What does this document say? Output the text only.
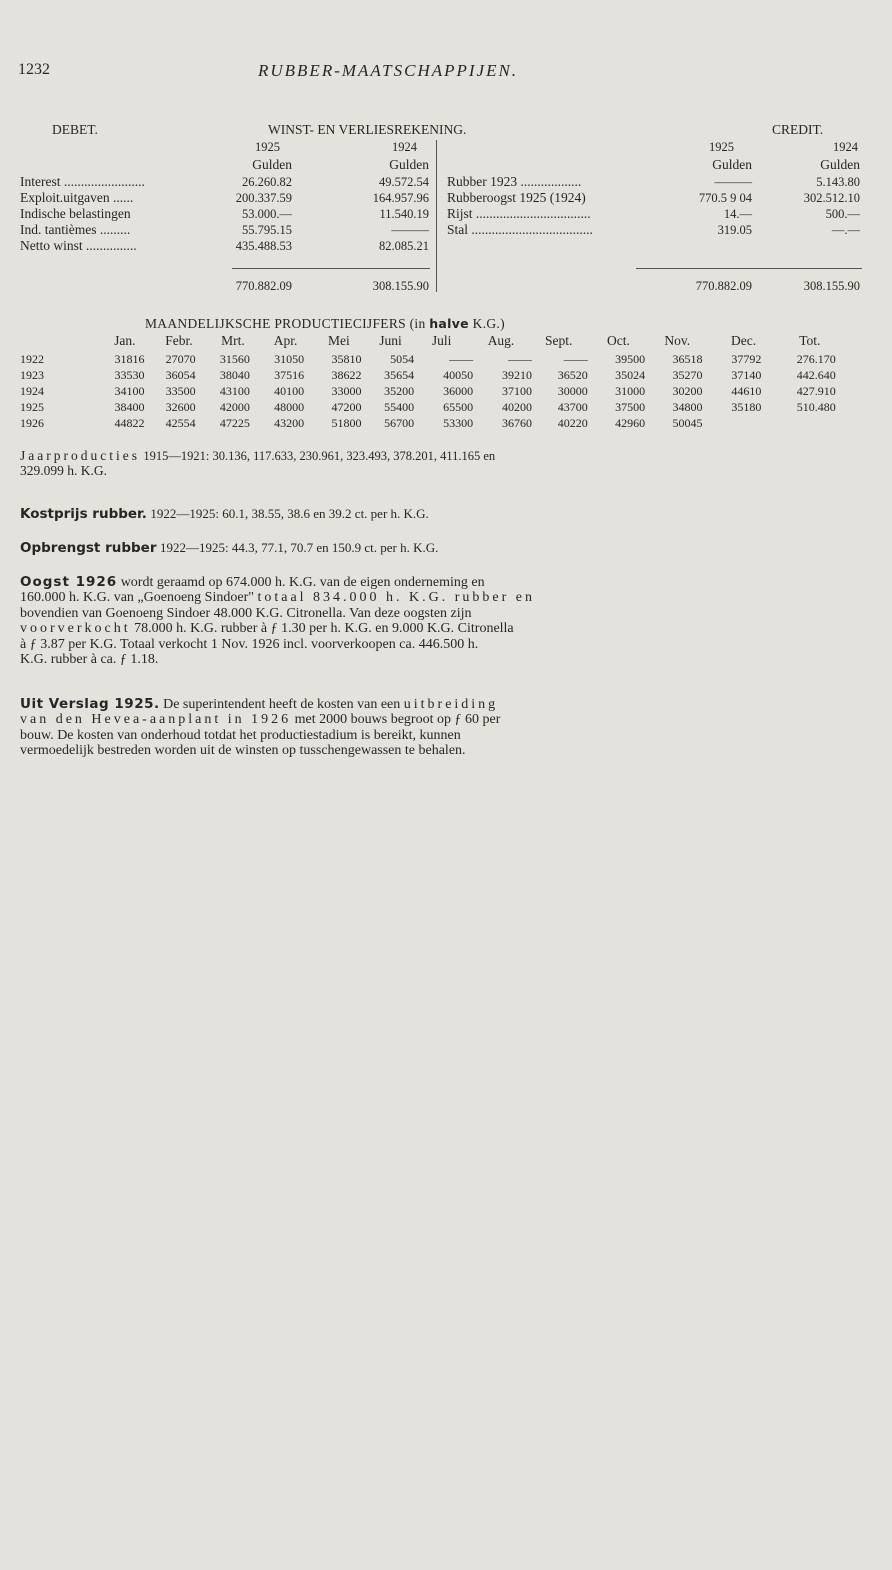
1232	RUBBER-MAATSCHAPPIJEN.
DEBET.	WINST- EN VERLIESREKENING.	CREDIT.
1925	1924	1925	1924
Gulden	Gulden	Gulden	Gulden
Interest ........................	26.260.82	49.572.54
Exploit.uitgaven ......	200.337.59	164.957.96
Indische belastingen	53.000.—	11.540.19
Ind. tantièmes .........	55.795.15	———
Netto winst ...............	435.488.53	82.085.21
Rubber 1923 ..................	———	5.143.80
Rubberoogst 1925 (1924)	770.5 9 04	302.512.10
Rijst ..................................	14.—	500.—
Stal ....................................	319.05	—.—
770.882.09	308.155.90	770.882.09	308.155.90
MAANDELIJKSCHE PRODUCTIECIJFERS (in halve K.G.)
Jan. Febr. Mrt. Apr. Mei Juni Juli	Aug. Sept.	Oct.	Nov.	Dec.	Tot.
1922	31816 27070 31560 31050 35810 5054	——	——	—— 39500 36518 37792	276.170
1923	33530 36054 38040 37516 38622 35654 40050 39210 36520 35024 35270 37140	442.640
1924	34100 33500 43100 40100 33000 35200 36000 37100 30000 31000 30200 44610	427.910
1925	38400 32600 42000 48000 47200 55400 65500 40200 43700 37500 34800 35180	510.480
1926	44822 42554 47225 43200 51800 56700 53300 36760 40220 42960 50045
Jaarproducties 1915—1921: 30.136, 117.633, 230.961, 323.493, 378.201, 411.165 en
329.099 h. K.G.
Kostprijs rubber. 1922—1925: 60.1, 38.55, 38.6 en 39.2 ct. per h. K.G.
Opbrengst rubber 1922—1925: 44.3, 77.1, 70.7 en 150.9 ct. per h. K.G.
Oogst 1926 wordt geraamd op 674.000 h. K.G. van de eigen onderneming en
160.000 h. K.G. van „Goenoeng Sindoer" totaal 834.000 h. K.G. rubber en
bovendien van Goenoeng Sindoer 48.000 K.G. Citronella. Van deze oogsten zijn
voorverkocht 78.000 h. K.G. rubber à ƒ 1.30 per h. K.G. en 9.000 K.G. Citronella
à ƒ 3.87 per K.G. Totaal verkocht 1 Nov. 1926 incl. voorverkoopen ca. 446.500 h.
K.G. rubber à ca. ƒ 1.18.
Uit Verslag 1925. De superintendent heeft de kosten van een uitbreiding
van den Hevea-aanplant in 1926 met 2000 bouws begroot op ƒ 60 per
bouw. De kosten van onderhoud totdat het productiestadium is bereikt, kunnen
vermoedelijk bestreden worden uit de winsten op tusschengewassen te behalen.
